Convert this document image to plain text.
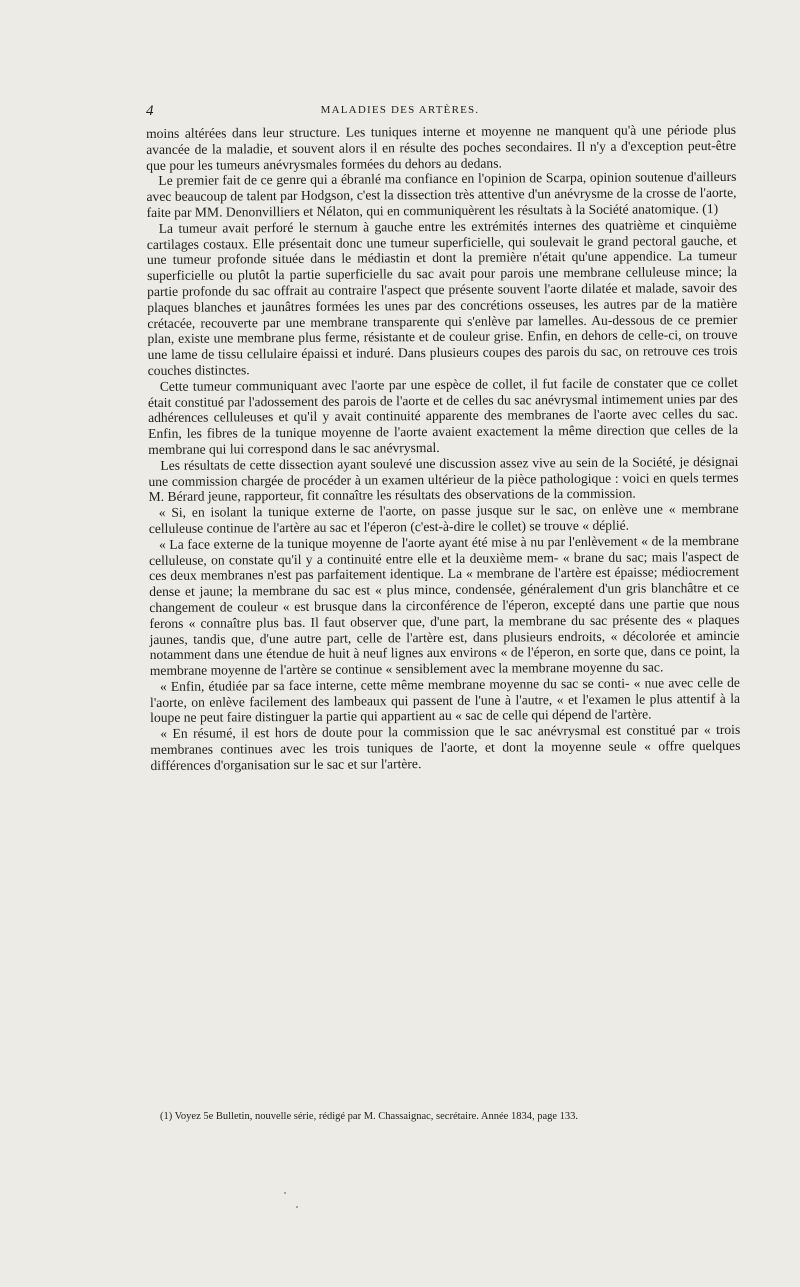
4	MALADIES DES ARTÈRES.

moins altérées dans leur structure. Les tuniques interne et moyenne ne manquent qu'à une période plus avancée de la maladie, et souvent alors il en résulte des poches secondaires. Il n'y a d'exception peut-être que pour les tumeurs anévrysmales formées du dehors au dedans.

Le premier fait de ce genre qui a ébranlé ma confiance en l'opinion de Scarpa, opinion soutenue d'ailleurs avec beaucoup de talent par Hodgson, c'est la dissection très attentive d'un anévrysme de la crosse de l'aorte, faite par MM. Denonvilliers et Nélaton, qui en communiquèrent les résultats à la Société anatomique. (1)

La tumeur avait perforé le sternum à gauche entre les extrémités internes des quatrième et cinquième cartilages costaux. Elle présentait donc une tumeur superficielle, qui soulevait le grand pectoral gauche, et une tumeur profonde située dans le médiastin et dont la première n'était qu'une appendice. La tumeur superficielle ou plutôt la partie superficielle du sac avait pour parois une membrane celluleuse mince; la partie profonde du sac offrait au contraire l'aspect que présente souvent l'aorte dilatée et malade, savoir des plaques blanches et jaunâtres formées les unes par des concrétions osseuses, les autres par de la matière crétacée, recouverte par une membrane transparente qui s'enlève par lamelles. Au-dessous de ce premier plan, existe une membrane plus ferme, résistante et de couleur grise. Enfin, en dehors de celle-ci, on trouve une lame de tissu cellulaire épaissi et induré. Dans plusieurs coupes des parois du sac, on retrouve ces trois couches distinctes.

Cette tumeur communiquant avec l'aorte par une espèce de collet, il fut facile de constater que ce collet était constitué par l'adossement des parois de l'aorte et de celles du sac anévrysmal intimement unies par des adhérences celluleuses et qu'il y avait continuité apparente des membranes de l'aorte avec celles du sac. Enfin, les fibres de la tunique moyenne de l'aorte avaient exactement la même direction que celles de la membrane qui lui correspond dans le sac anévrysmal.

Les résultats de cette dissection ayant soulevé une discussion assez vive au sein de la Société, je désignai une commission chargée de procéder à un examen ultérieur de la pièce pathologique : voici en quels termes M. Bérard jeune, rapporteur, fit connaître les résultats des observations de la commission.

« Si, en isolant la tunique externe de l'aorte, on passe jusque sur le sac, on enlève une « membrane celluleuse continue de l'artère au sac et l'éperon (c'est-à-dire le collet) se trouve « déplié.

« La face externe de la tunique moyenne de l'aorte ayant été mise à nu par l'enlèvement « de la membrane celluleuse, on constate qu'il y a continuité entre elle et la deuxième mem- « brane du sac; mais l'aspect de ces deux membranes n'est pas parfaitement identique. La « membrane de l'artère est épaisse; médiocrement dense et jaune; la membrane du sac est « plus mince, condensée, généralement d'un gris blanchâtre et ce changement de couleur « est brusque dans la circonférence de l'éperon, excepté dans une partie que nous ferons « connaître plus bas. Il faut observer que, d'une part, la membrane du sac présente des « plaques jaunes, tandis que, d'une autre part, celle de l'artère est, dans plusieurs endroits, « décolorée et amincie notamment dans une étendue de huit à neuf lignes aux environs « de l'éperon, en sorte que, dans ce point, la membrane moyenne de l'artère se continue « sensiblement avec la membrane moyenne du sac.

« Enfin, étudiée par sa face interne, cette même membrane moyenne du sac se conti- « nue avec celle de l'aorte, on enlève facilement des lambeaux qui passent de l'une à l'autre, « et l'examen le plus attentif à la loupe ne peut faire distinguer la partie qui appartient au « sac de celle qui dépend de l'artère.

« En résumé, il est hors de doute pour la commission que le sac anévrysmal est constitué par « trois membranes continues avec les trois tuniques de l'aorte, et dont la moyenne seule « offre quelques différences d'organisation sur le sac et sur l'artère.

(1) Voyez 5e Bulletin, nouvelle série, rédigé par M. Chassaignac, secrétaire. Année 1834, page 133.
